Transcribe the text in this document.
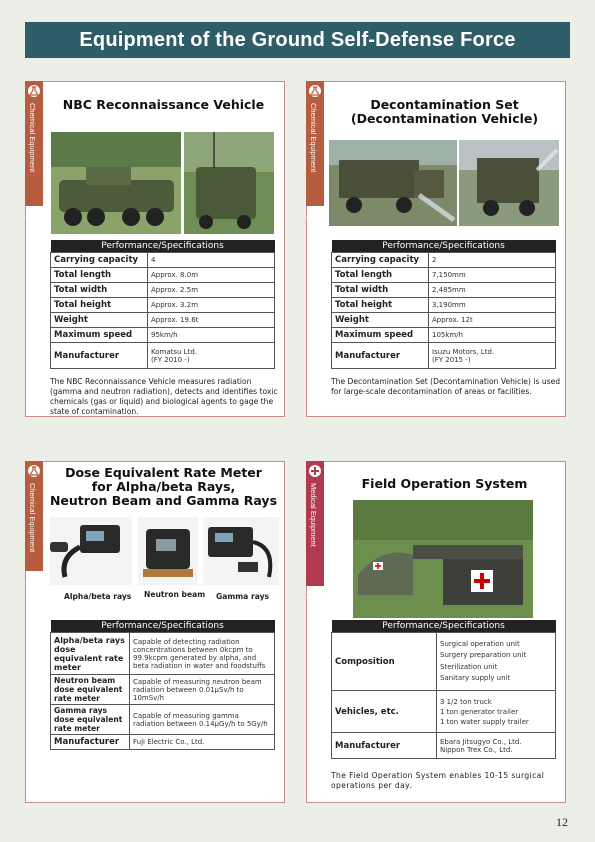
Equipment of the Ground Self-Defense Force
Chemical Equipment	NBC Reconnaissance Vehicle
Performance/Specifications	
Carrying capacity	4
Total length	Approx. 8.0m
Total width	Approx. 2.5m
Total height	Approx. 3.2m
Weight	Approx. 19.6t
Maximum speed	95km/h
Manufacturer	Komatsu Ltd.
(FY 2010 -)
The NBC Reconnaissance Vehicle measures radiation (gamma and neutron radiation), detects and identifies toxic chemicals (gas or liquid) and biological agents to gage the state of contamination.
Chemical Equipment	Decontamination Set
(Decontamination Vehicle)
Performance/Specifications	
Carrying capacity	2
Total length	7,150mm
Total width	2,485mm
Total height	3,190mm
Weight	Approx. 12t
Maximum speed	105km/h
Manufacturer	Isuzu Motors, Ltd.
(FY 2015 -)
The Decontamination Set (Decontamination Vehicle) is used for large-scale decontamination of areas or facilities.
Chemical Equipment
Dose Equivalent Rate Meter
for Alpha/beta Rays,
Neutron Beam and Gamma Rays
Alpha/beta rays Neutron beam Gamma rays
Performance/Specifications	
Alpha/beta rays dose equivalent rate meter	Capable of detecting radiation concentrations between 0kcpm to 99.9kcpm generated by alpha, and beta radiation in water and foodstuffs
Neutron beam dose equivalent rate meter	Capable of measuring neutron beam radiation between 0.01μSv/h to 10mSv/h
Gamma rays dose equivalent rate meter	Capable of measuring gamma radiation between 0.14μGy/h to 5Gy/h
Manufacturer	Fuji Electric Co., Ltd.
Medical Equipment	Field Operation System
Performance/Specifications	
Composition	Surgical operation unit
Surgery preparation unit
Sterilization unit
Sanitary supply unit

Vehicles, etc.	3 1/2 ton truck
1 ton generator trailer
1 ton water supply trailer

Manufacturer	Ebara Jitsugyo Co., Ltd.
Nippon Trex Co., Ltd.
The Field Operation System enables 10-15 surgical operations per day.
12
